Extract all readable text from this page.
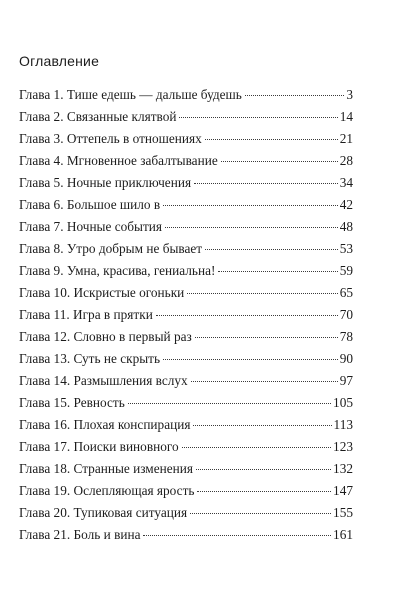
Оглавление
Глава 1. Тише едешь — дальше будешь	3
Глава 2. Связанные клятвой	14
Глава 3. Оттепель в отношениях	21
Глава 4. Мгновенное забалтывание	28
Глава 5. Ночные приключения	34
Глава 6. Большое шило в	42
Глава 7. Ночные события	48
Глава 8. Утро добрым не бывает	53
Глава 9. Умна, красива, гениальна!	59
Глава 10. Искристые огоньки	65
Глава 11. Игра в прятки	70
Глава 12. Словно в первый раз	78
Глава 13. Суть не скрыть	90
Глава 14. Размышления вслух	97
Глава 15. Ревность	105
Глава 16. Плохая конспирация	113
Глава 17. Поиски виновного	123
Глава 18. Странные изменения	132
Глава 19. Ослепляющая ярость	147
Глава 20. Тупиковая ситуация	155
Глава 21. Боль и вина	161
